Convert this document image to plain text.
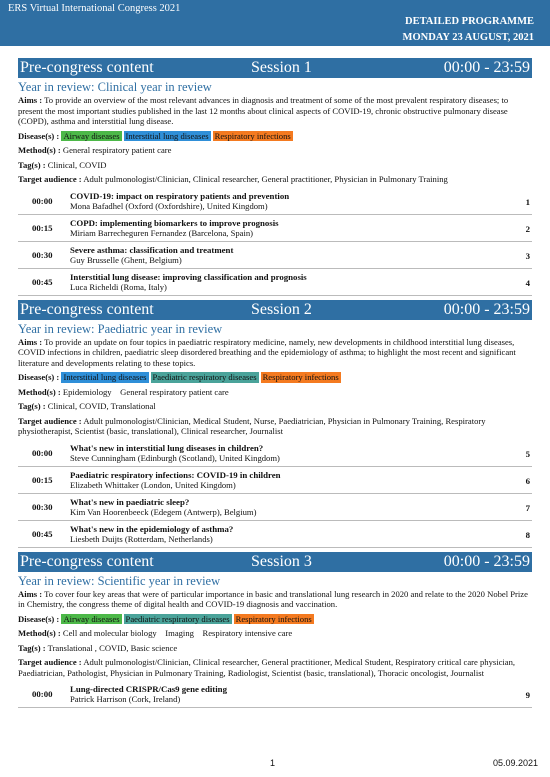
ERS Virtual International Congress 2021
DETAILED PROGRAMME
MONDAY 23 AUGUST, 2021
Pre-congress content	Session 1	00:00 - 23:59
Year in review: Clinical year in review
Aims : To provide an overview of the most relevant advances in diagnosis and treatment of some of the most prevalent respiratory diseases; to present the most important studies published in the last 12 months about clinical aspects of COVID-19, chronic obstructive pulmonary disease (COPD), asthma and interstitial lung disease.
Disease(s) : Airway diseases Interstitial lung diseases Respiratory infections
Method(s) : General respiratory patient care
Tag(s) : Clinical, COVID
Target audience : Adult pulmonologist/Clinician, Clinical researcher, General practitioner, Physician in Pulmonary Training
00:00 COVID-19: impact on respiratory patients and prevention
Mona Bafadhel (Oxford (Oxfordshire), United Kingdom)	1
00:15 COPD: implementing biomarkers to improve prognosis
Miriam Barrecheguren Fernandez (Barcelona, Spain)	2
00:30 Severe asthma: classification and treatment
Guy Brusselle (Ghent, Belgium)	3
00:45 Interstitial lung disease: improving classification and prognosis
Luca Richeldi (Roma, Italy)	4
Pre-congress content	Session 2	00:00 - 23:59
Year in review: Paediatric year in review
Aims : To provide an update on four topics in paediatric respiratory medicine, namely, new developments in childhood interstitial lung diseases, COVID infections in children, paediatric sleep disordered breathing and the epidemiology of asthma; to highlight the most recent and significant literature and developments relating to these topics.
Disease(s) : Interstitial lung diseases Paediatric respiratory diseases Respiratory infections
Method(s) : Epidemiology    General respiratory patient care
Tag(s) : Clinical, COVID, Translational
Target audience : Adult pulmonologist/Clinician, Medical Student, Nurse, Paediatrician, Physician in Pulmonary Training, Respiratory physiotherapist, Scientist (basic, translational), Clinical researcher, Journalist
00:00 What's new in interstitial lung diseases in children?
Steve Cunningham (Edinburgh (Scotland), United Kingdom)	5
00:15 Paediatric respiratory infections: COVID-19 in children
Elizabeth Whittaker (London, United Kingdom)	6
00:30 What's new in paediatric sleep?
Kim Van Hoorenbeeck (Edegem (Antwerp), Belgium)	7
00:45 What's new in the epidemiology of asthma?
Liesbeth Duijts (Rotterdam, Netherlands)	8
Pre-congress content	Session 3	00:00 - 23:59
Year in review: Scientific year in review
Aims : To cover four key areas that were of particular importance in basic and translational lung research in 2020 and relate to the 2020 Nobel Prize in Chemistry, the congress theme of digital health and COVID-19 diagnosis and vaccination.
Disease(s) : Airway diseases Paediatric respiratory diseases Respiratory infections
Method(s) : Cell and molecular biology    Imaging    Respiratory intensive care
Tag(s) : Translational , COVID, Basic science
Target audience : Adult pulmonologist/Clinician, Clinical researcher, General practitioner, Medical Student, Respiratory critical care physician, Paediatrician, Pathologist, Physician in Pulmonary Training, Radiologist, Scientist (basic, translational), Thoracic oncologist, Journalist
00:00 Lung-directed CRISPR/Cas9 gene editing
Patrick Harrison (Cork, Ireland)	9
1	05.09.2021
